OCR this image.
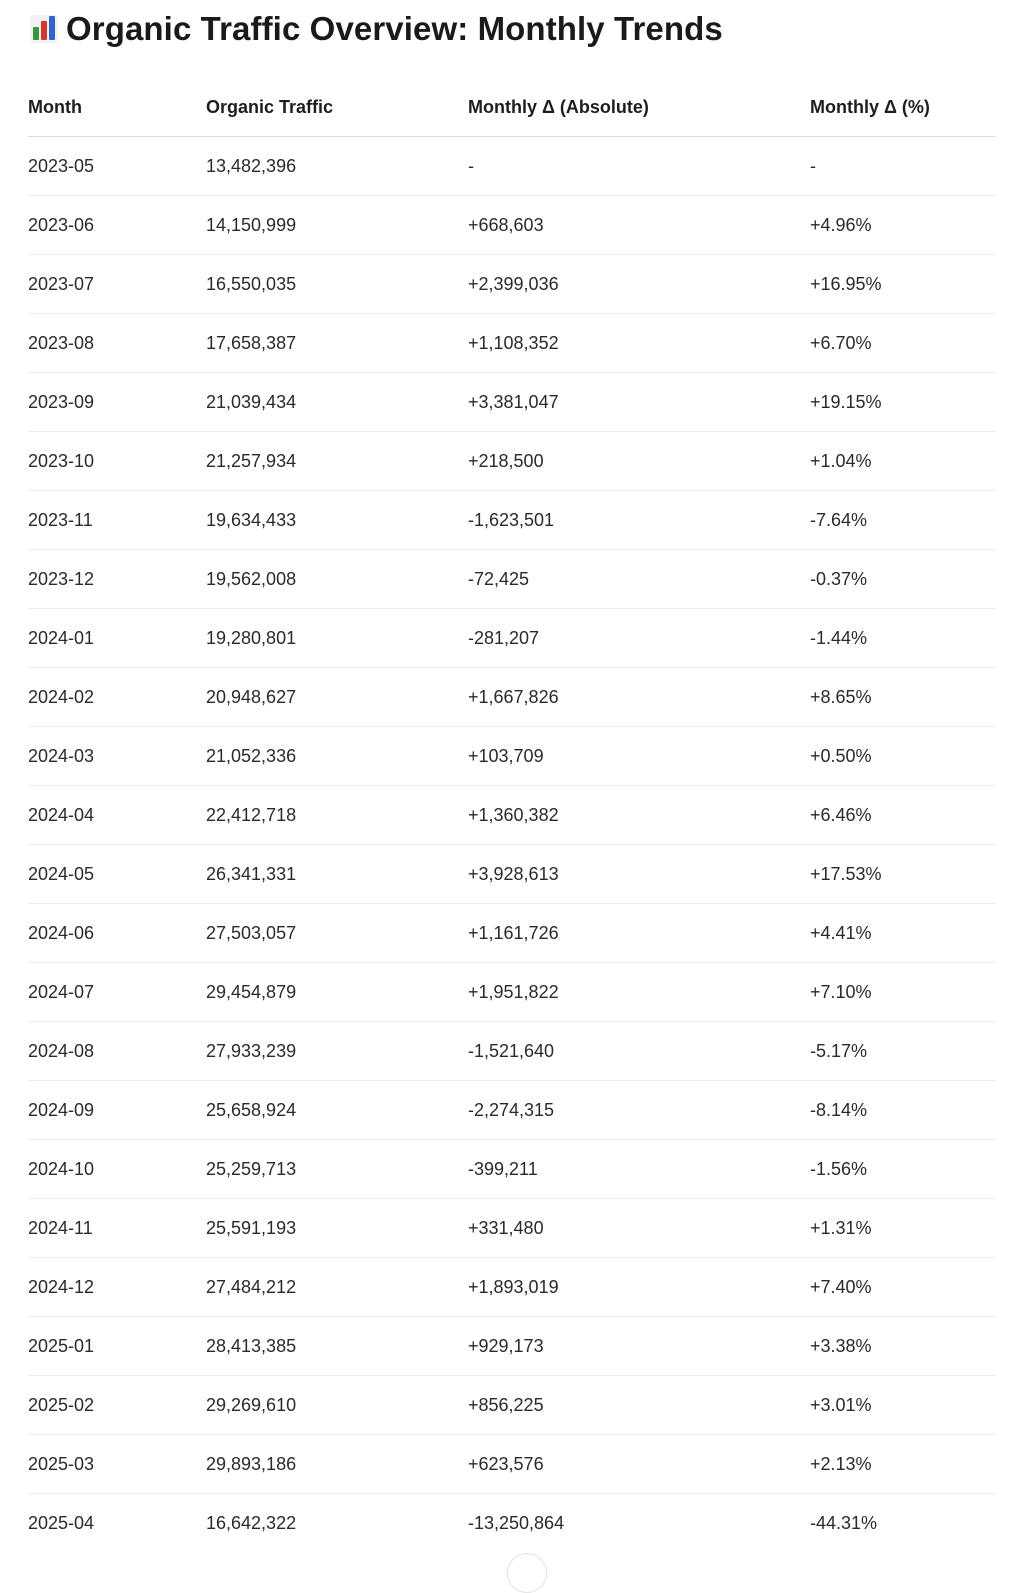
Organic Traffic Overview: Monthly Trends
Month	Organic Traffic	Monthly Δ (Absolute)	Monthly Δ (%)
2023-05	13,482,396	-	-
2023-06	14,150,999	+668,603	+4.96%
2023-07	16,550,035	+2,399,036	+16.95%
2023-08	17,658,387	+1,108,352	+6.70%
2023-09	21,039,434	+3,381,047	+19.15%
2023-10	21,257,934	+218,500	+1.04%
2023-11	19,634,433	-1,623,501	-7.64%
2023-12	19,562,008	-72,425	-0.37%
2024-01	19,280,801	-281,207	-1.44%
2024-02	20,948,627	+1,667,826	+8.65%
2024-03	21,052,336	+103,709	+0.50%
2024-04	22,412,718	+1,360,382	+6.46%
2024-05	26,341,331	+3,928,613	+17.53%
2024-06	27,503,057	+1,161,726	+4.41%
2024-07	29,454,879	+1,951,822	+7.10%
2024-08	27,933,239	-1,521,640	-5.17%
2024-09	25,658,924	-2,274,315	-8.14%
2024-10	25,259,713	-399,211	-1.56%
2024-11	25,591,193	+331,480	+1.31%
2024-12	27,484,212	+1,893,019	+7.40%
2025-01	28,413,385	+929,173	+3.38%
2025-02	29,269,610	+856,225	+3.01%
2025-03	29,893,186	+623,576	+2.13%
2025-04	16,642,322	-13,250,864	-44.31%
